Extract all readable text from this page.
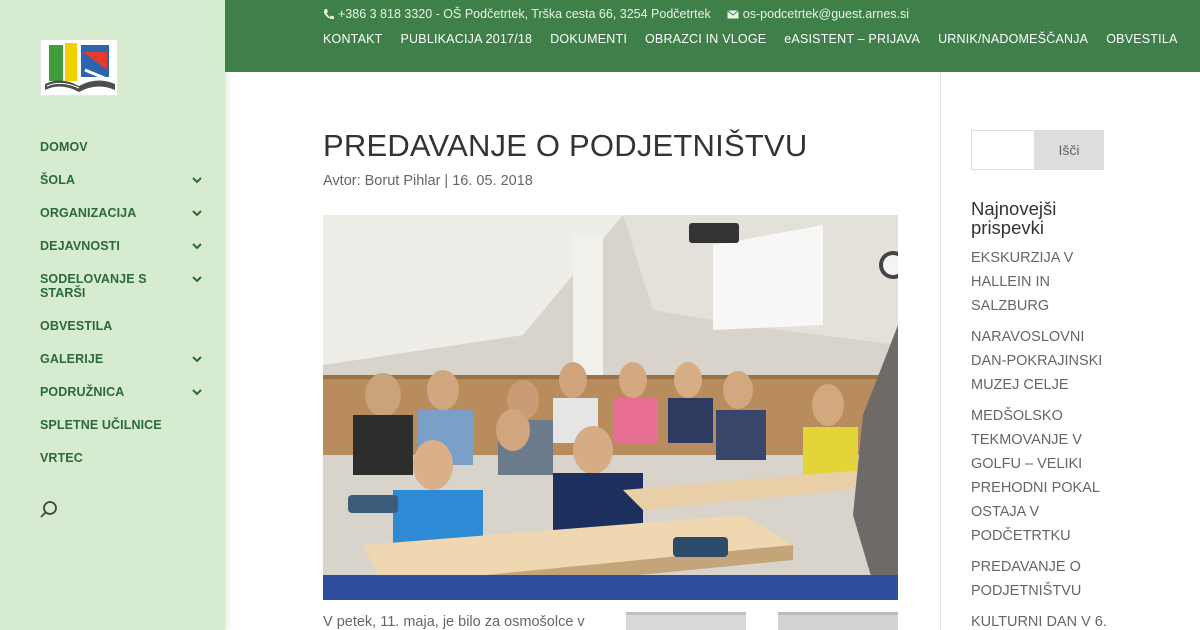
DOMOV
ŠOLA
ORGANIZACIJA
DEJAVNOSTI
SODELOVANJE S STARŠI
OBVESTILA
GALERIJE
PODRUŽNICA
SPLETNE UČILNICE
VRTEC
+386 3 818 3320 - OŠ Podčetrtek, Trška cesta 66, 3254 Podčetrtek	os-podcetrtek@guest.arnes.si
KONTAKT PUBLIKACIJA 2017/18 DOKUMENTI OBRAZCI IN VLOGE eASISTENT – PRIJAVA URNIK/NADOMEŠČANJA OBVESTILA
PREDAVANJE O PODJETNIŠTVU
Avtor: Borut Pihlar | 16. 05. 2018
V petek, 11. maja, je bilo za osmošolce v
Išči
Najnovejši prispevki
EKSKURZIJA V HALLEIN IN SALZBURG
NARAVOSLOVNI DAN-POKRAJINSKI MUZEJ CELJE
MEDŠOLSKO TEKMOVANJE V GOLFU – VELIKI PREHODNI POKAL OSTAJA V PODČETRTKU
PREDAVANJE O PODJETNIŠTVU
KULTURNI DAN V 6.
